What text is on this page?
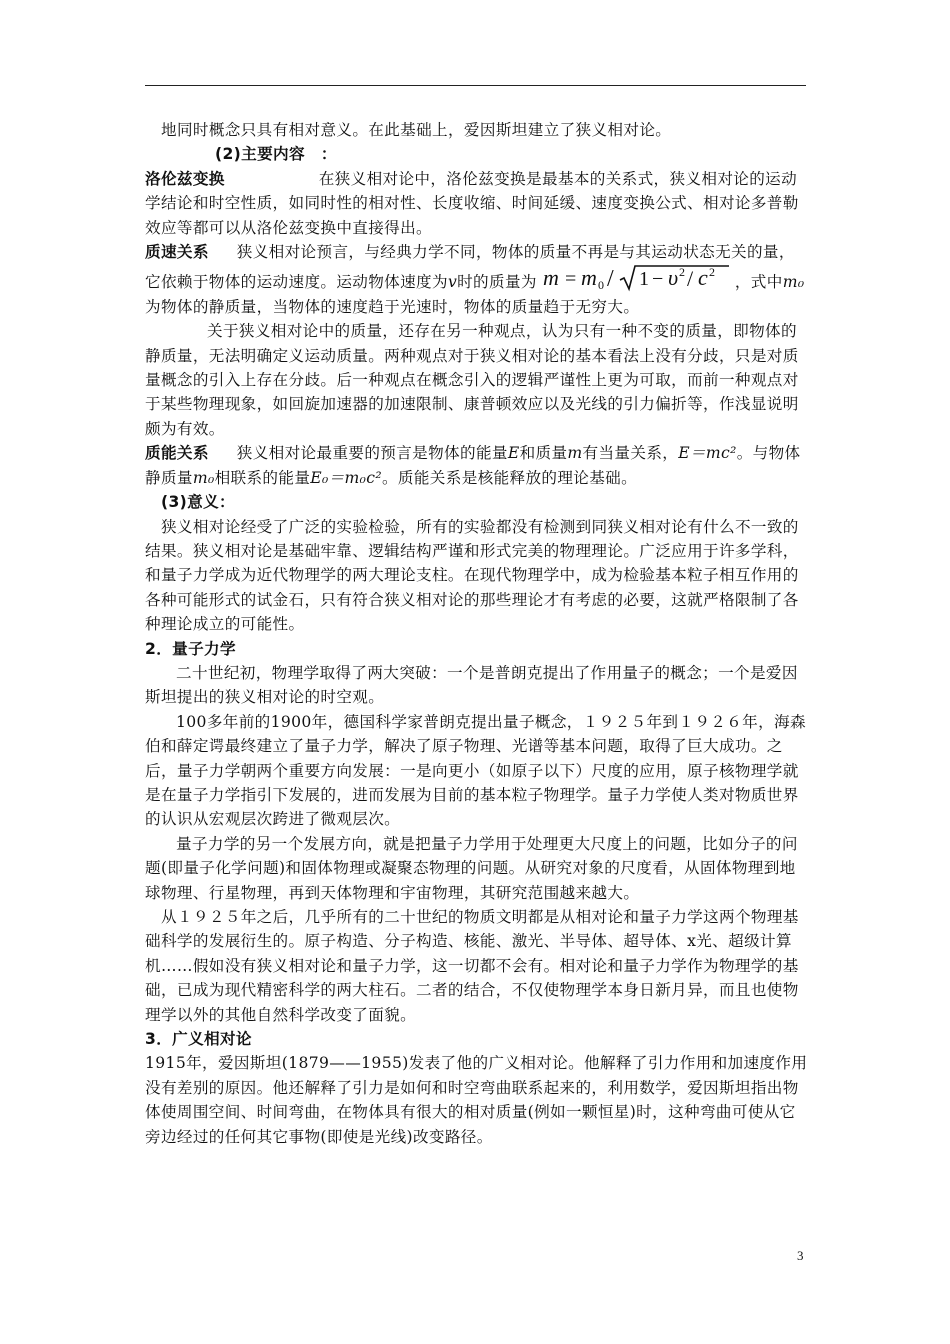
地同时概念只具有相对意义。在此基础上，爱因斯坦建立了狭义相对论。

(2)主要内容　：

洛伦兹变换	在狭义相对论中，洛伦兹变换是最基本的关系式，狭义相对论的运动学结论和时空性质，如同时性的相对性、长度收缩、时间延缓、速度变换公式、相对论多普勒效应等都可以从洛伦兹变换中直接得出。

质速关系 狭义相对论预言，与经典力学不同，物体的质量不再是与其运动状态无关的量，它依赖于物体的运动速度。运动物体速度为v时的质量为 m = m 0 / 1 − υ 2 / c 2
，式中m₀为物体的静质量，当物体的速度趋于光速时，物体的质量趋于无穷大。

关于狭义相对论中的质量，还存在另一种观点，认为只有一种不变的质量，即物体的静质量，无法明确定义运动质量。两种观点对于狭义相对论的基本看法上没有分歧，只是对质量概念的引入上存在分歧。后一种观点在概念引入的逻辑严谨性上更为可取，而前一种观点对于某些物理现象，如回旋加速器的加速限制、康普顿效应以及光线的引力偏折等，作浅显说明颇为有效。

质能关系 狭义相对论最重要的预言是物体的能量E和质量m有当量关系，E＝mc²。与物体静质量m₀相联系的能量E₀＝m₀c²。质能关系是核能释放的理论基础。

(3)意义：

狭义相对论经受了广泛的实验检验，所有的实验都没有检测到同狭义相对论有什么不一致的结果。狭义相对论是基础牢靠、逻辑结构严谨和形式完美的物理理论。广泛应用于许多学科，和量子力学成为近代物理学的两大理论支柱。在现代物理学中，成为检验基本粒子相互作用的各种可能形式的试金石，只有符合狭义相对论的那些理论才有考虑的必要，这就严格限制了各种理论成立的可能性。

2．量子力学

二十世纪初，物理学取得了两大突破：一个是普朗克提出了作用量子的概念；一个是爱因斯坦提出的狭义相对论的时空观。

100多年前的1900年，德国科学家普朗克提出量子概念，１９２５年到１９２６年，海森伯和薛定谔最终建立了量子力学，解决了原子物理、光谱等基本问题，取得了巨大成功。之后，量子力学朝两个重要方向发展：一是向更小（如原子以下）尺度的应用，原子核物理学就是在量子力学指引下发展的，进而发展为目前的基本粒子物理学。量子力学使人类对物质世界的认识从宏观层次跨进了微观层次。

量子力学的另一个发展方向，就是把量子力学用于处理更大尺度上的问题，比如分子的问题(即量子化学问题)和固体物理或凝聚态物理的问题。从研究对象的尺度看，从固体物理到地球物理、行星物理，再到天体物理和宇宙物理，其研究范围越来越大。

从１９２５年之后，几乎所有的二十世纪的物质文明都是从相对论和量子力学这两个物理基础科学的发展衍生的。原子构造、分子构造、核能、激光、半导体、超导体、x光、超级计算机……假如没有狭义相对论和量子力学，这一切都不会有。相对论和量子力学作为物理学的基础，已成为现代精密科学的两大柱石。二者的结合，不仅使物理学本身日新月异，而且也使物理学以外的其他自然科学改变了面貌。

3．广义相对论

1915年，爱因斯坦(1879——1955)发表了他的广义相对论。他解释了引力作用和加速度作用没有差别的原因。他还解释了引力是如何和时空弯曲联系起来的，利用数学，爱因斯坦指出物体使周围空间、时间弯曲，在物体具有很大的相对质量(例如一颗恒星)时，这种弯曲可使从它旁边经过的任何其它事物(即使是光线)改变路径。

3
